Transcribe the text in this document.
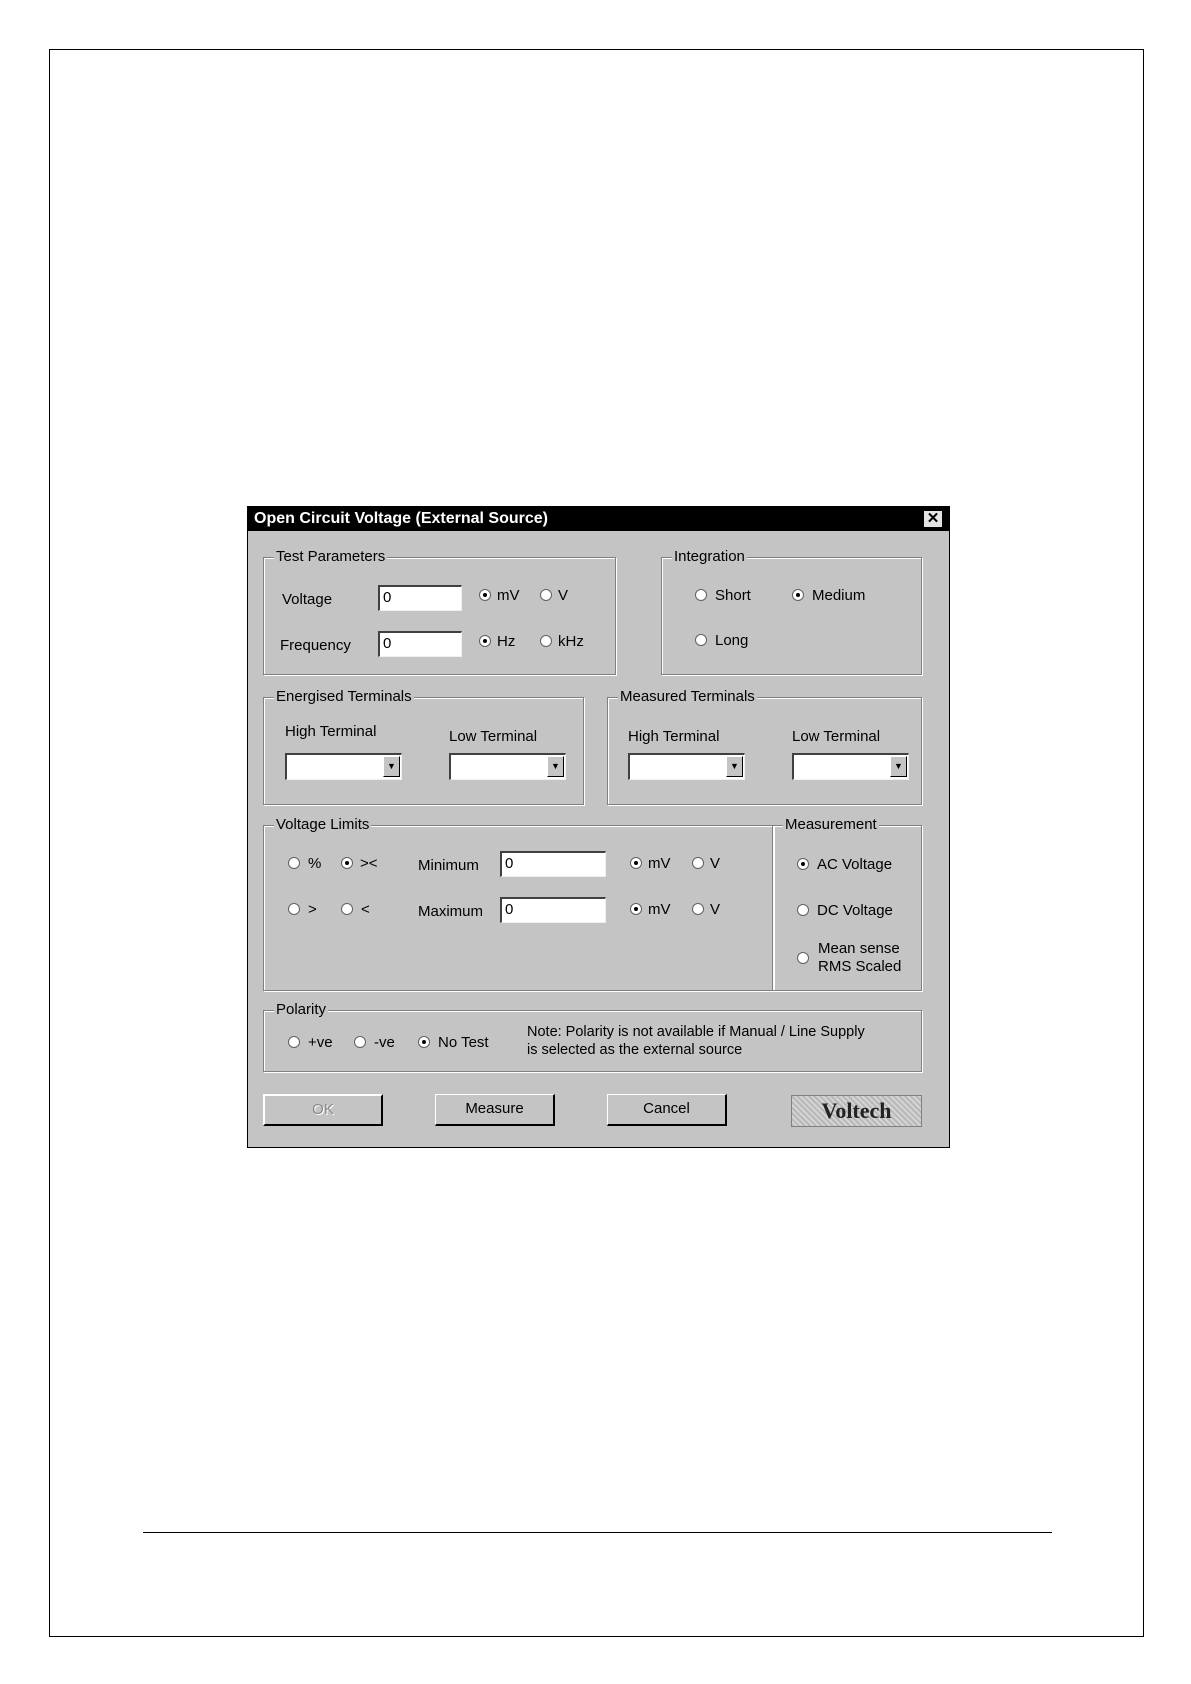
Open Circuit Voltage (External Source)	✕
Test Parameters
Voltage	0	mV	V
Frequency	0	Hz	kHz
Integration
Short	Medium
Long
Energised Terminals
High Terminal	Low Terminal
▼	▼
Measured Terminals
High Terminal	Low Terminal
▼	▼
Voltage Limits
%	><	Minimum	0	mV	V
>	<	Maximum	0	mV	V
Measurement
AC Voltage
DC Voltage
Mean sense
RMS Scaled
Polarity
+ve	-ve	No Test
Note: Polarity is not available if Manual / Line Supply
is selected as the external source
OK	Measure	Cancel	Voltech
